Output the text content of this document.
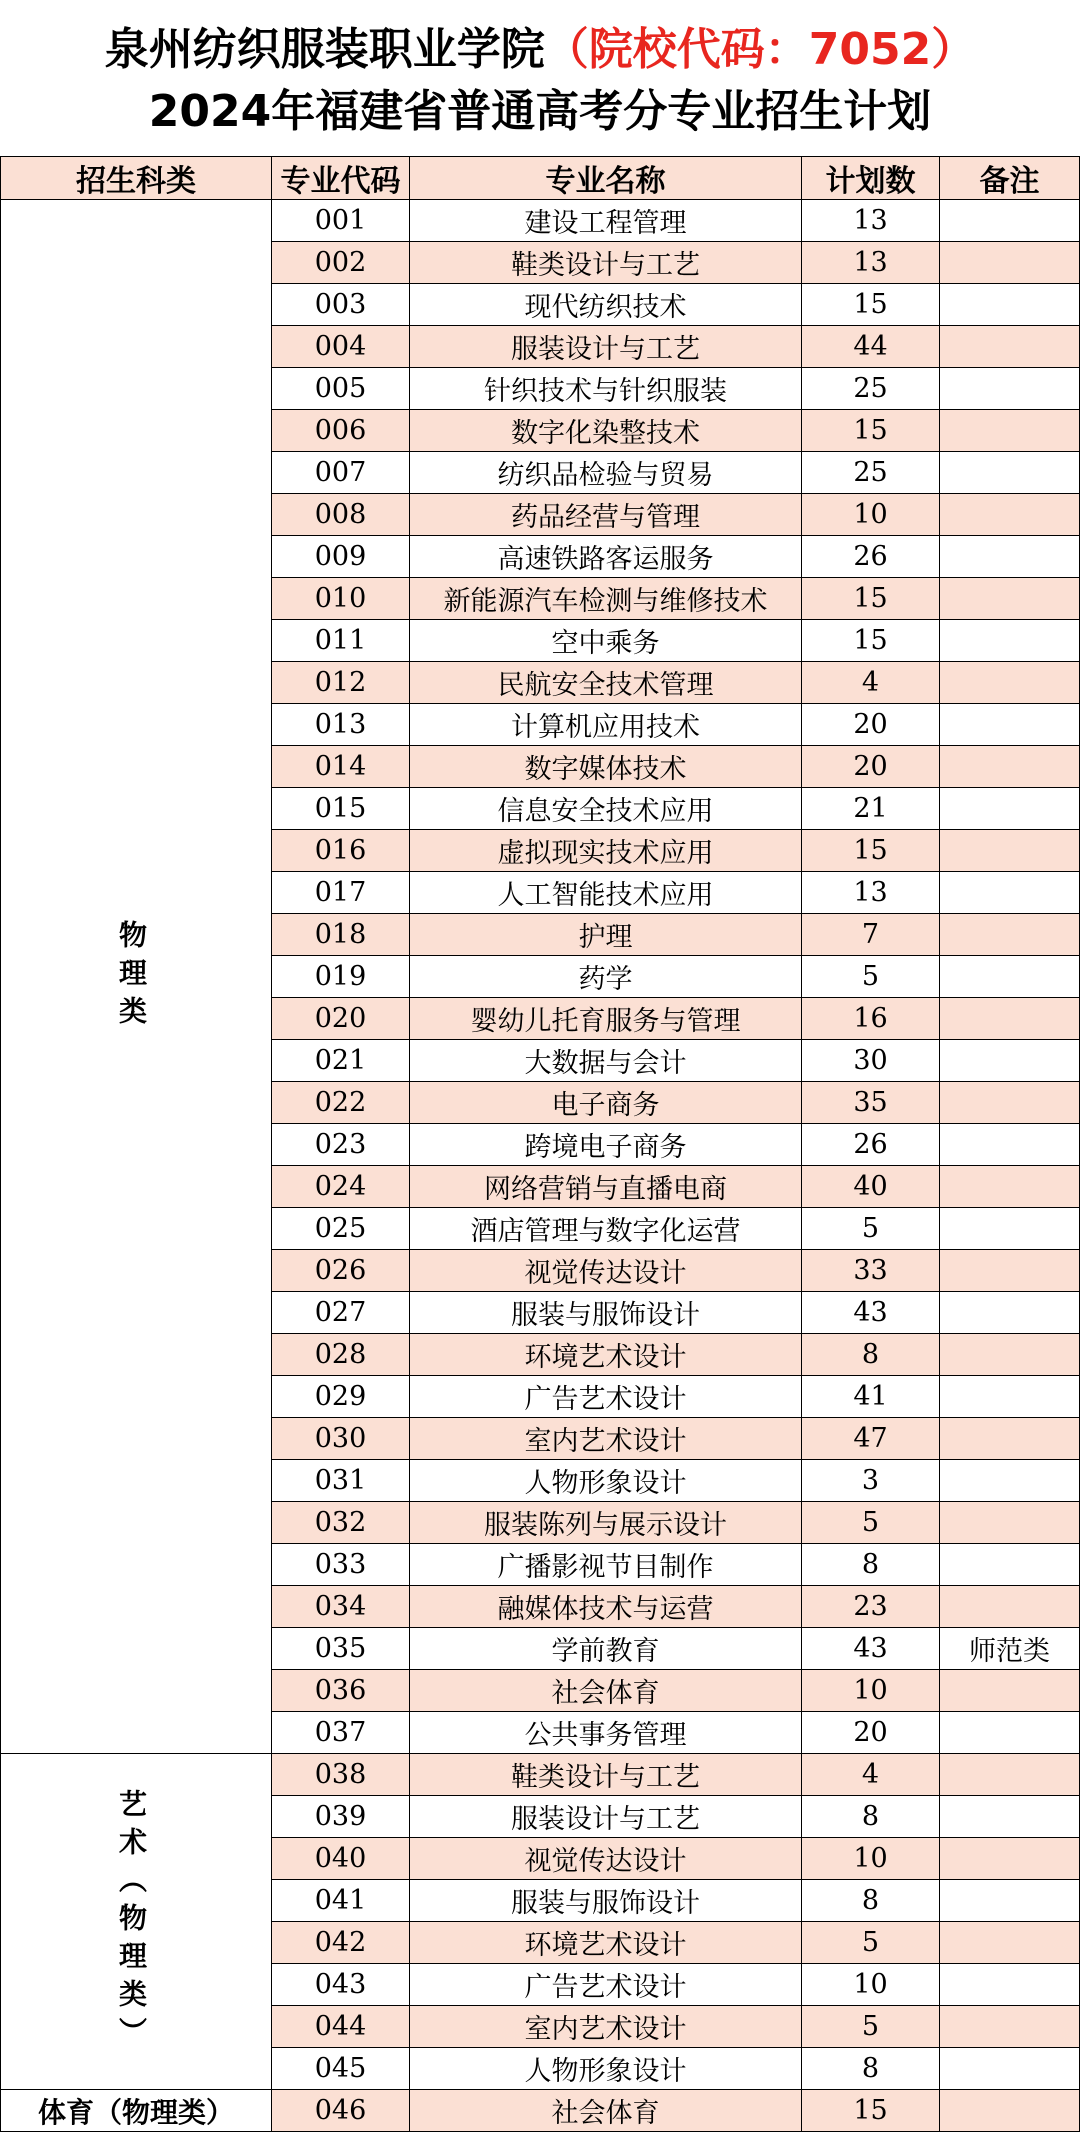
泉州纺织服装职业学院（院校代码：7052）
2024年福建省普通高考分专业招生计划
招生科类	专业代码	专业名称	计划数	备注
物理类
001	建设工程管理	13
002	鞋类设计与工艺	13
003	现代纺织技术	15
004	服装设计与工艺	44
005	针织技术与针织服装	25
006	数字化染整技术	15
007	纺织品检验与贸易	25
008	药品经营与管理	10
009	高速铁路客运服务	26
010	新能源汽车检测与维修技术	15
011	空中乘务	15
012	民航安全技术管理	4
013	计算机应用技术	20
014	数字媒体技术	20
015	信息安全技术应用	21
016	虚拟现实技术应用	15
017	人工智能技术应用	13
018	护理	7
019	药学	5
020	婴幼儿托育服务与管理	16
021	大数据与会计	30
022	电子商务	35
023	跨境电子商务	26
024	网络营销与直播电商	40
025	酒店管理与数字化运营	5
026	视觉传达设计	33
027	服装与服饰设计	43
028	环境艺术设计	8
029	广告艺术设计	41
030	室内艺术设计	47
031	人物形象设计	3
032	服装陈列与展示设计	5
033	广播影视节目制作	8
034	融媒体技术与运营	23
035	学前教育	43	师范类
036	社会体育	10
037	公共事务管理	20
艺术（物理类）
038	鞋类设计与工艺	4
039	服装设计与工艺	8
040	视觉传达设计	10
041	服装与服饰设计	8
042	环境艺术设计	5
043	广告艺术设计	10
044	室内艺术设计	5
045	人物形象设计	8
体育（物理类）	046	社会体育	15
